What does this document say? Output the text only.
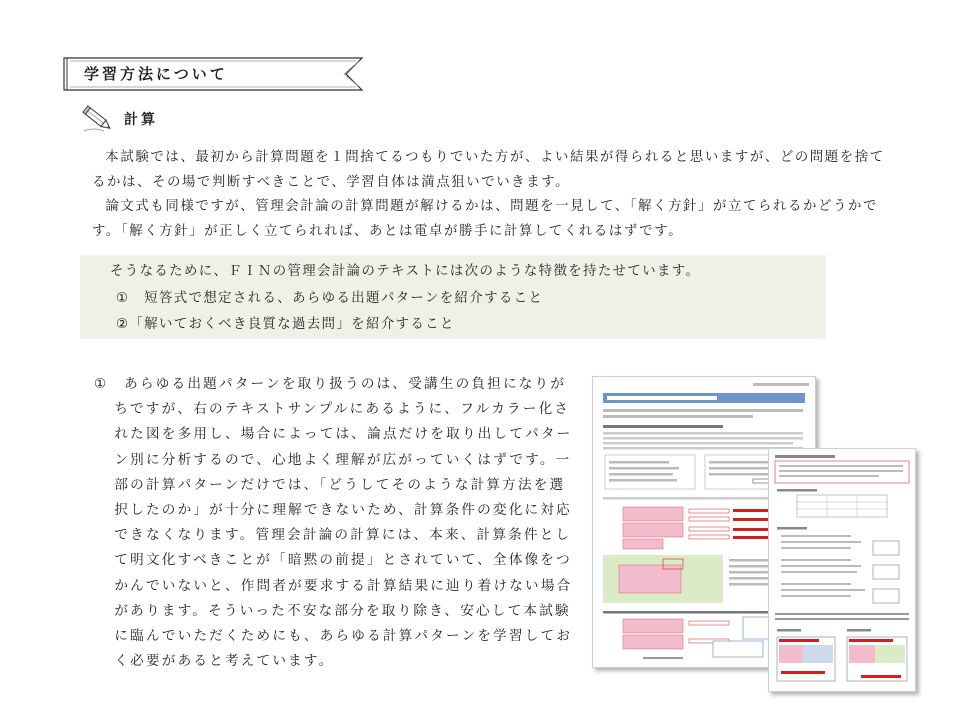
学習方法について
計算

本試験では、最初から計算問題を１問捨てるつもりでいた方が、よい結果が得られると思いますが、どの問題を捨てるかは、その場で判断すべきことで、学習自体は満点狙いでいきます。

論文式も同様ですが、管理会計論の計算問題が解けるかは、問題を一見して、「解く方針」が立てられるかどうかです。「解く方針」が正しく立てられれば、あとは電卓が勝手に計算してくれるはずです。

そうなるために、ＦＩＮの管理会計論のテキストには次のような特徴を持たせています。
①　短答式で想定される、あらゆる出題パターンを紹介すること
②「解いておくべき良質な過去問」を紹介すること
①　あらゆる出題パターンを取り扱うのは、受講生の負担になりがちですが、右のテキストサンプルにあるように、フルカラー化された図を多用し、場合によっては、論点だけを取り出してパターン別に分析するので、心地よく理解が広がっていくはずです。一部の計算パターンだけでは、「どうしてそのような計算方法を選択したのか」が十分に理解できないため、計算条件の変化に対応できなくなります。管理会計論の計算には、本来、計算条件として明文化すべきことが「暗黙の前提」とされていて、全体像をつかんでいないと、作問者が要求する計算結果に辿り着けない場合があります。そういった不安な部分を取り除き、安心して本試験に臨んでいただくためにも、あらゆる計算パターンを学習しておく必要があると考えています。
